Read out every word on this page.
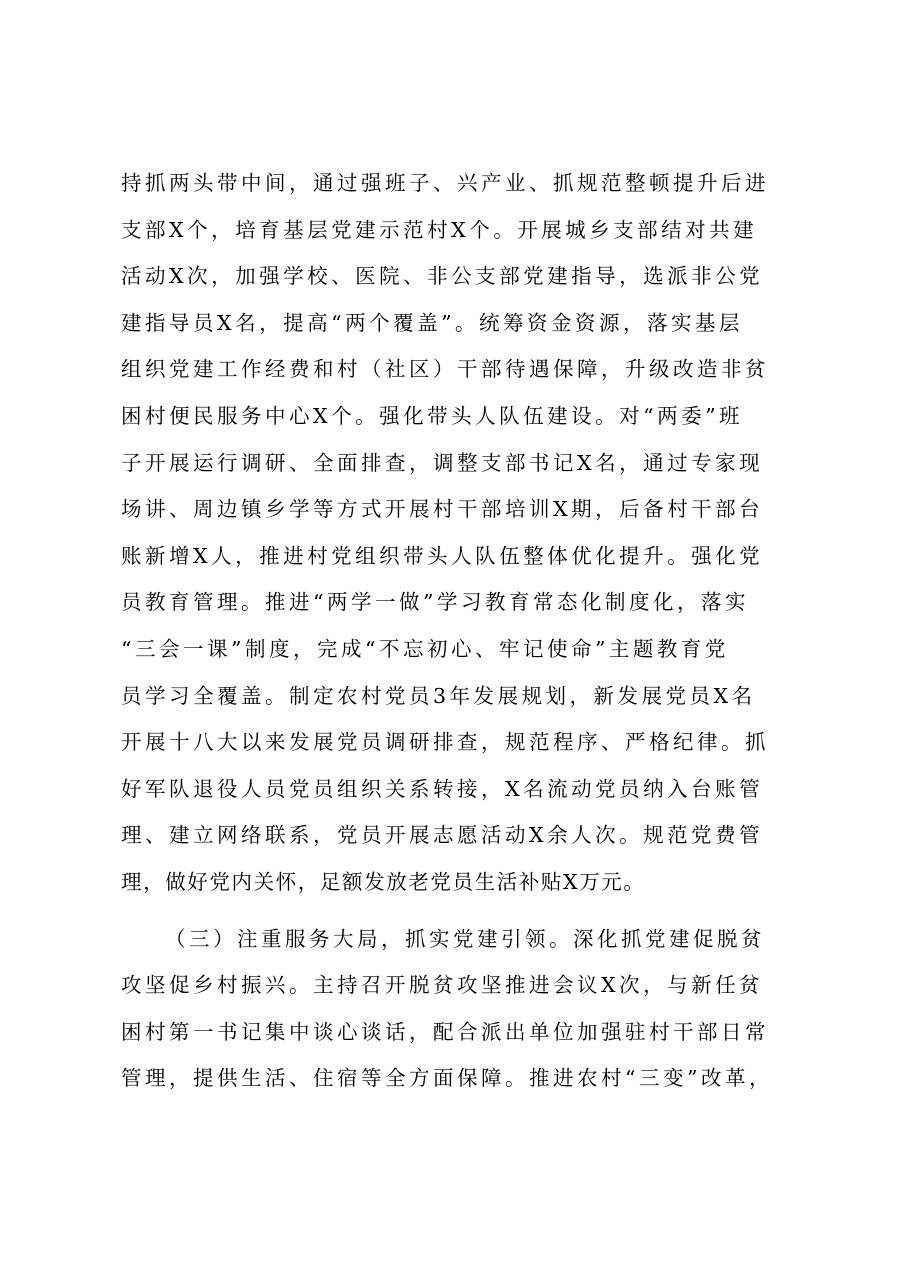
持抓两头带中间，通过强班子、兴产业、抓规范整顿提升后进
支部X个，培育基层党建示范村X个。开展城乡支部结对共建
活动X次，加强学校、医院、非公支部党建指导，选派非公党
建指导员X名，提高“两个覆盖”。统筹资金资源，落实基层
组织党建工作经费和村（社区）干部待遇保障，升级改造非贫
困村便民服务中心X个。强化带头人队伍建设。对“两委”班
子开展运行调研、全面排查，调整支部书记X名，通过专家现
场讲、周边镇乡学等方式开展村干部培训X期，后备村干部台
账新增X人，推进村党组织带头人队伍整体优化提升。强化党
员教育管理。推进“两学一做”学习教育常态化制度化，落实
“三会一课”制度，完成“不忘初心、牢记使命”主题教育党
员学习全覆盖。制定农村党员3年发展规划，新发展党员X名
开展十八大以来发展党员调研排查，规范程序、严格纪律。抓
好军队退役人员党员组织关系转接，X名流动党员纳入台账管
理、建立网络联系，党员开展志愿活动X余人次。规范党费管
理，做好党内关怀，足额发放老党员生活补贴X万元。
（三）注重服务大局，抓实党建引领。深化抓党建促脱贫
攻坚促乡村振兴。主持召开脱贫攻坚推进会议X次，与新任贫
困村第一书记集中谈心谈话，配合派出单位加强驻村干部日常
管理，提供生活、住宿等全方面保障。推进农村“三变”改革，
